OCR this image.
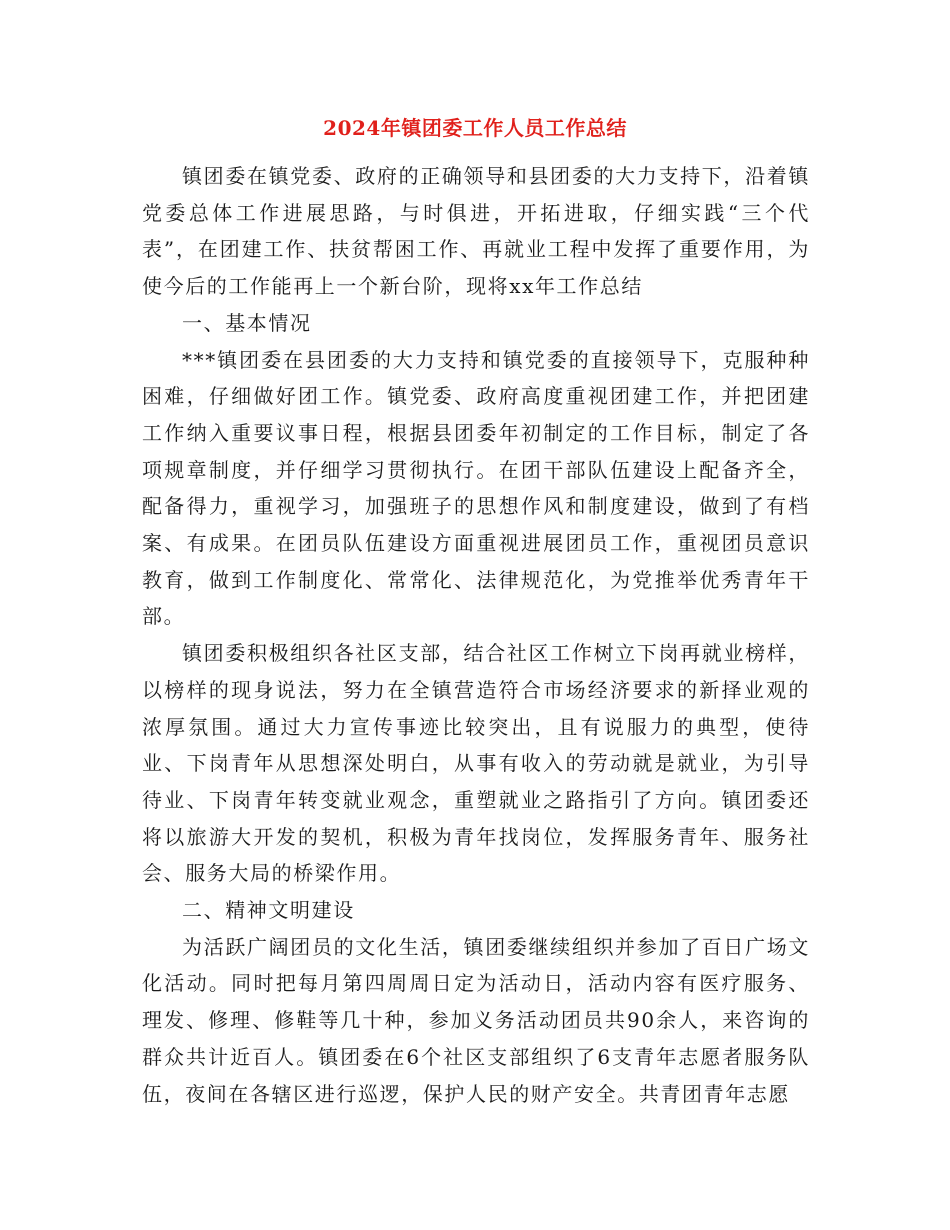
2024年镇团委工作人员工作总结

镇团委在镇党委、政府的正确领导和县团委的大力支持下，沿着镇党委总体工作进展思路，与时俱进，开拓进取，仔细实践“三个代表”，在团建工作、扶贫帮困工作、再就业工程中发挥了重要作用，为使今后的工作能再上一个新台阶，现将xx年工作总结

一、基本情况

***镇团委在县团委的大力支持和镇党委的直接领导下，克服种种困难，仔细做好团工作。镇党委、政府高度重视团建工作，并把团建工作纳入重要议事日程，根据县团委年初制定的工作目标，制定了各项规章制度，并仔细学习贯彻执行。在团干部队伍建设上配备齐全，配备得力，重视学习，加强班子的思想作风和制度建设，做到了有档案、有成果。在团员队伍建设方面重视进展团员工作，重视团员意识教育，做到工作制度化、常常化、法律规范化，为党推举优秀青年干部。

镇团委积极组织各社区支部，结合社区工作树立下岗再就业榜样，以榜样的现身说法，努力在全镇营造符合市场经济要求的新择业观的浓厚氛围。通过大力宣传事迹比较突出，且有说服力的典型，使待业、下岗青年从思想深处明白，从事有收入的劳动就是就业，为引导待业、下岗青年转变就业观念，重塑就业之路指引了方向。镇团委还将以旅游大开发的契机，积极为青年找岗位，发挥服务青年、服务社会、服务大局的桥梁作用。

二、精神文明建设

为活跃广阔团员的文化生活，镇团委继续组织并参加了百日广场文化活动。同时把每月第四周周日定为活动日，活动内容有医疗服务、理发、修理、修鞋等几十种，参加义务活动团员共90余人，来咨询的群众共计近百人。镇团委在6个社区支部组织了6支青年志愿者服务队伍，夜间在各辖区进行巡逻，保护人民的财产安全。共青团青年志愿
